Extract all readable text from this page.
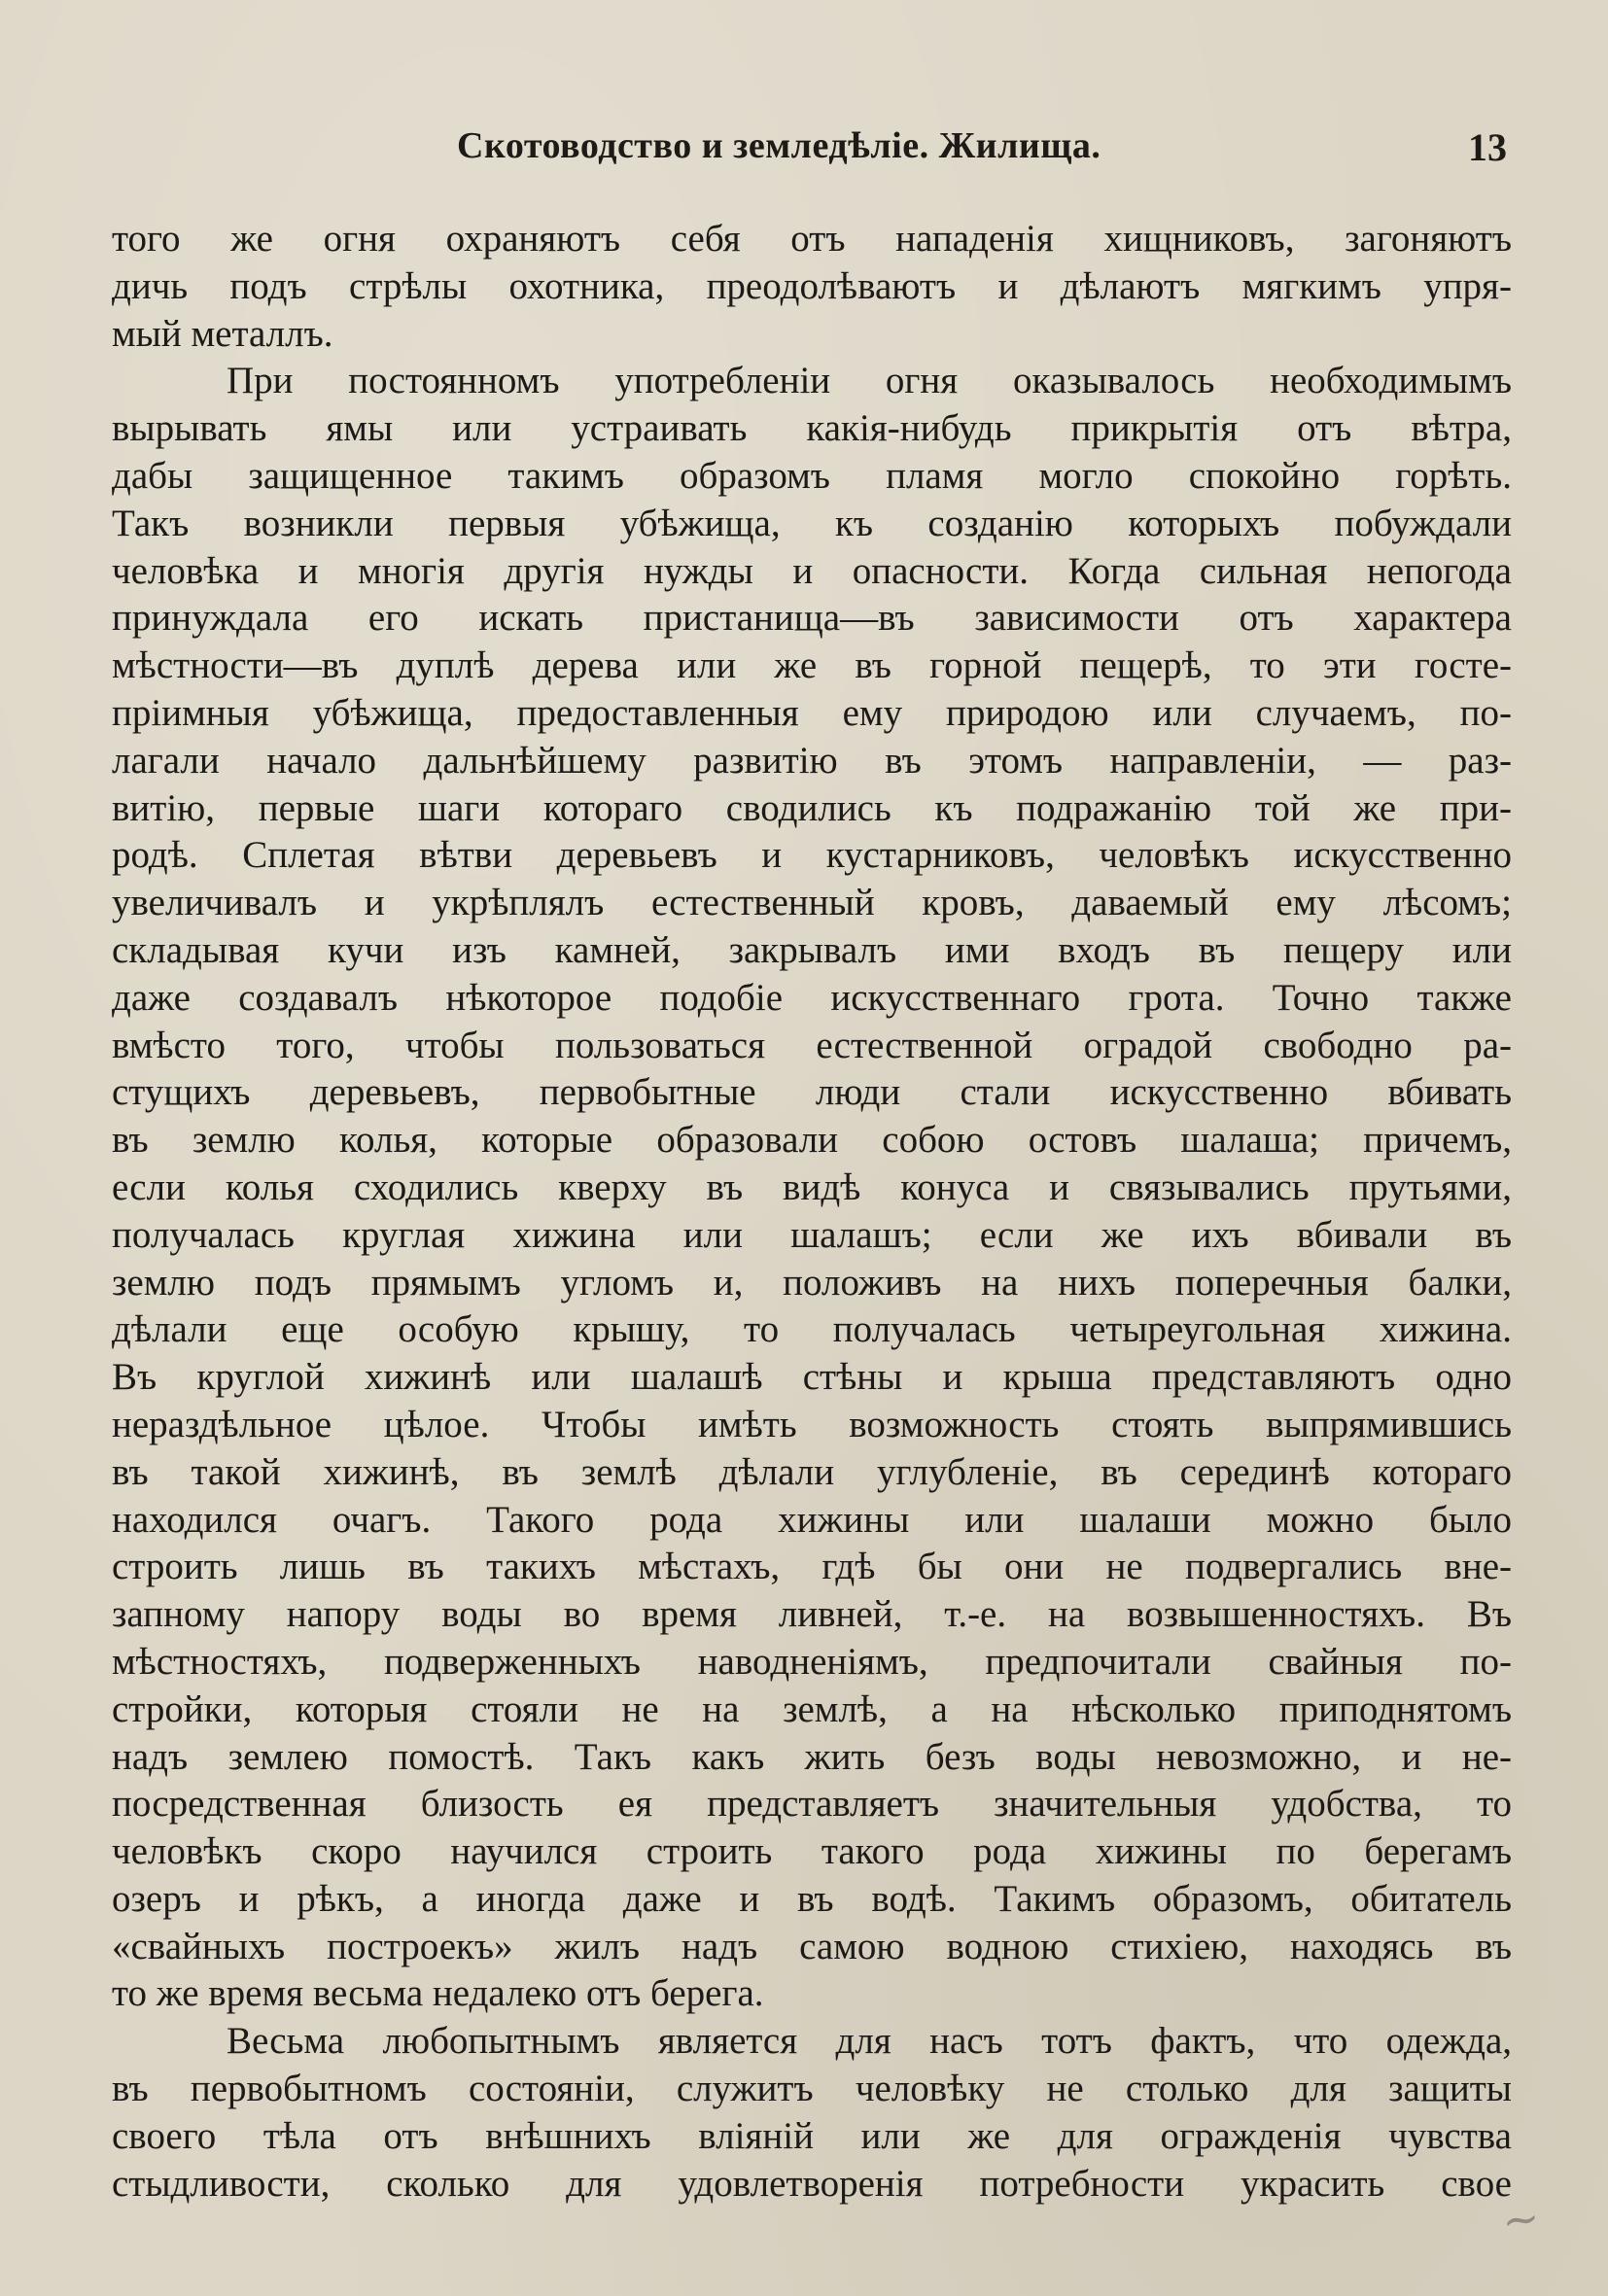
Скотоводство и земледѣліе. Жилища.	13
того же огня охраняютъ себя отъ нападенія хищниковъ, загоняютъ
дичь подъ стрѣлы охотника, преодолѣваютъ и дѣлаютъ мягкимъ упря-
мый металлъ.
При постоянномъ употребленіи огня оказывалось необходимымъ
вырывать ямы или устраивать какія-нибудь прикрытія отъ вѣтра,
дабы защищенное такимъ образомъ пламя могло спокойно горѣть.
Такъ возникли первыя убѣжища, къ созданію которыхъ побуждали
человѣка и многія другія нужды и опасности. Когда сильная непогода
принуждала его искать пристанища—въ зависимости отъ характера
мѣстности—въ дуплѣ дерева или же въ горной пещерѣ, то эти госте-
пріимныя убѣжища, предоставленныя ему природою или случаемъ, по-
лагали начало дальнѣйшему развитію въ этомъ направленіи, — раз-
витію, первые шаги котораго сводились къ подражанію той же при-
родѣ. Сплетая вѣтви деревьевъ и кустарниковъ, человѣкъ искусственно
увеличивалъ и укрѣплялъ естественный кровъ, даваемый ему лѣсомъ;
складывая кучи изъ камней, закрывалъ ими входъ въ пещеру или
даже создавалъ нѣкоторое подобіе искусственнаго грота. Точно также
вмѣсто того, чтобы пользоваться естественной оградой свободно ра-
стущихъ деревьевъ, первобытные люди стали искусственно вбивать
въ землю колья, которые образовали собою остовъ шалаша; причемъ,
если колья сходились кверху въ видѣ конуса и связывались прутьями,
получалась круглая хижина или шалашъ; если же ихъ вбивали въ
землю подъ прямымъ угломъ и, положивъ на нихъ поперечныя балки,
дѣлали еще особую крышу, то получалась четыреугольная хижина.
Въ круглой хижинѣ или шалашѣ стѣны и крыша представляютъ одно
нераздѣльное цѣлое. Чтобы имѣть возможность стоять выпрямившись
въ такой хижинѣ, въ землѣ дѣлали углубленіе, въ серединѣ котораго
находился очагъ. Такого рода хижины или шалаши можно было
строить лишь въ такихъ мѣстахъ, гдѣ бы они не подвергались вне-
запному напору воды во время ливней, т.-е. на возвышенностяхъ. Въ
мѣстностяхъ, подверженныхъ наводненіямъ, предпочитали свайныя по-
стройки, которыя стояли не на землѣ, а на нѣсколько приподнятомъ
надъ землею помостѣ. Такъ какъ жить безъ воды невозможно, и не-
посредственная близость ея представляетъ значительныя удобства, то
человѣкъ скоро научился строить такого рода хижины по берегамъ
озеръ и рѣкъ, а иногда даже и въ водѣ. Такимъ образомъ, обитатель
«свайныхъ построекъ» жилъ надъ самою водною стихіею, находясь въ
то же время весьма недалеко отъ берега.
Весьма любопытнымъ является для насъ тотъ фактъ, что одежда,
въ первобытномъ состояніи, служитъ человѣку не столько для защиты
своего тѣла отъ внѣшнихъ вліяній или же для огражденія чувства
стыдливости, сколько для удовлетворенія потребности украсить свое
~
